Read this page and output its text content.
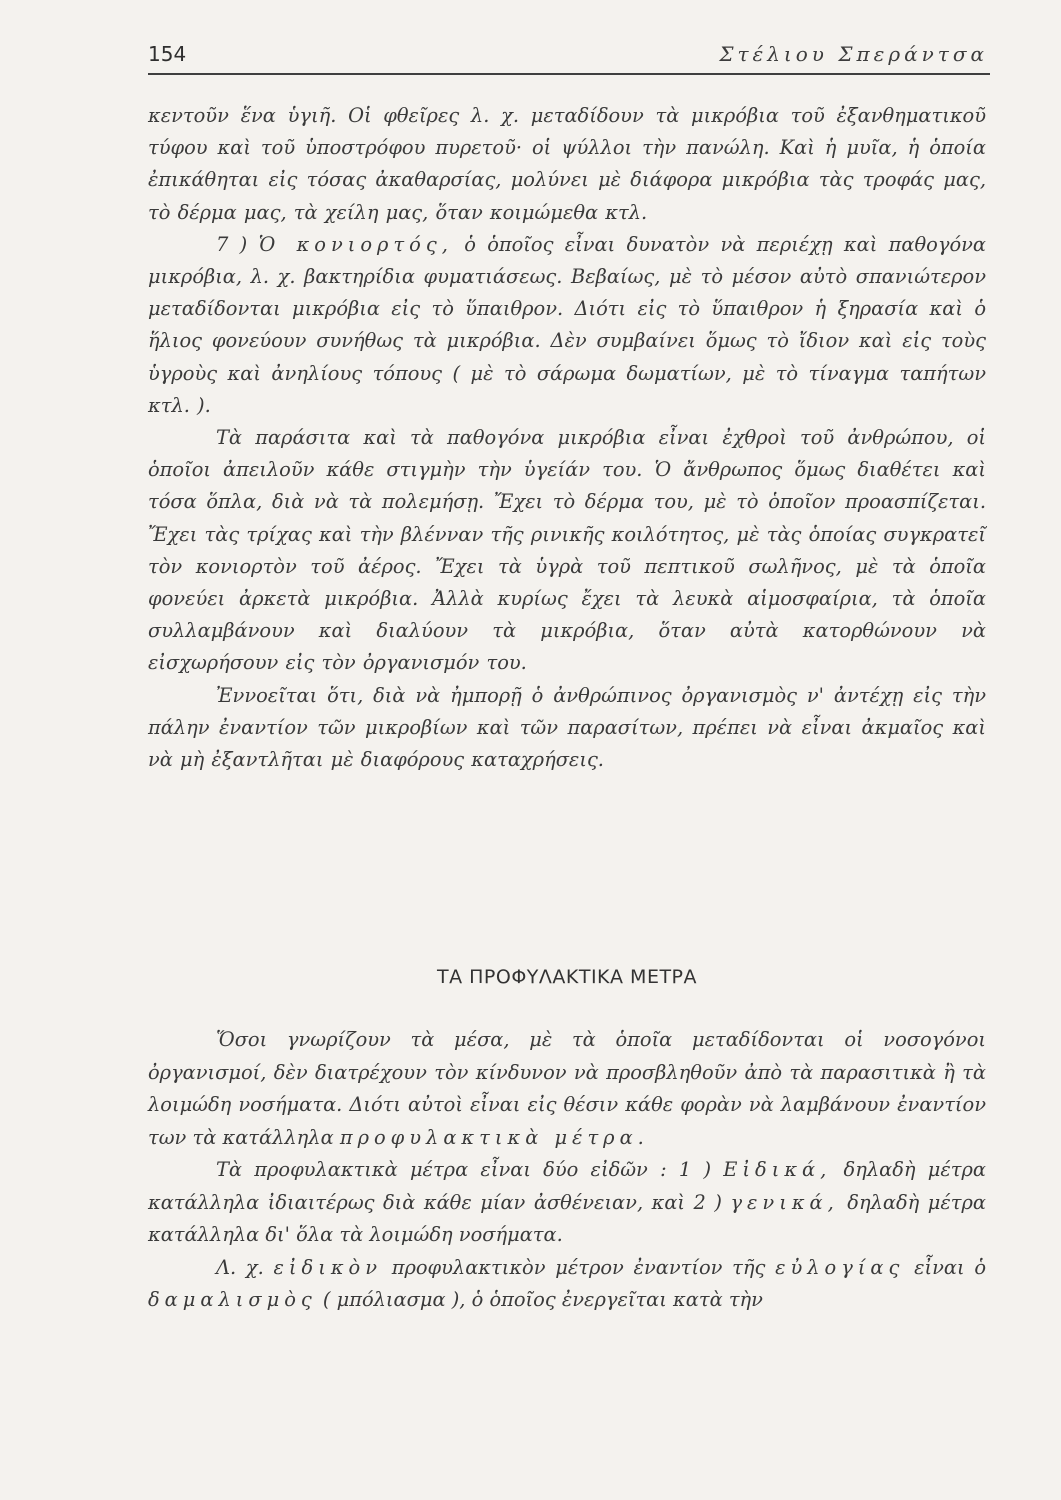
154	Στέλιου Σπεράντσα

κεντοῦν ἕνα ὑγιῆ. Οἱ φθεῖρες λ. χ. μεταδίδουν τὰ μικρόβια τοῦ ἐξανθηματικοῦ τύφου καὶ τοῦ ὑποστρόφου πυρετοῦ· οἱ ψύλλοι τὴν πανώλη. Καὶ ἡ μυῖα, ἡ ὁποία ἐπικάθηται εἰς τόσας ἀκαθαρσίας, μολύνει μὲ διάφορα μικρόβια τὰς τροφάς μας, τὸ δέρμα μας, τὰ χείλη μας, ὅταν κοιμώμεθα κτλ.

7 ) Ὁ κονιορτός, ὁ ὁποῖος εἶναι δυνατὸν νὰ περιέχῃ καὶ παθογόνα μικρόβια, λ. χ. βακτηρίδια φυματιάσεως. Βεβαίως, μὲ τὸ μέσον αὐτὸ σπανιώτερον μεταδίδονται μικρόβια εἰς τὸ ὕπαιθρον. Διότι εἰς τὸ ὕπαιθρον ἡ ξηρασία καὶ ὁ ἥλιος φονεύουν συνήθως τὰ μικρόβια. Δὲν συμβαίνει ὅμως τὸ ἴδιον καὶ εἰς τοὺς ὑγροὺς καὶ ἀνηλίους τόπους ( μὲ τὸ σάρωμα δωματίων, μὲ τὸ τίναγμα ταπήτων κτλ. ).

Τὰ παράσιτα καὶ τὰ παθογόνα μικρόβια εἶναι ἐχθροὶ τοῦ ἀνθρώπου, οἱ ὁποῖοι ἀπειλοῦν κάθε στιγμὴν τὴν ὑγείάν του. Ὁ ἄνθρωπος ὅμως διαθέτει καὶ τόσα ὅπλα, διὰ νὰ τὰ πολεμήσῃ. Ἔχει τὸ δέρμα του, μὲ τὸ ὁποῖον προασπίζεται. Ἔχει τὰς τρίχας καὶ τὴν βλένναν τῆς ρινικῆς κοιλότητος, μὲ τὰς ὁποίας συγκρατεῖ τὸν κονιορτὸν τοῦ ἀέρος. Ἔχει τὰ ὑγρὰ τοῦ πεπτικοῦ σωλῆνος, μὲ τὰ ὁποῖα φονεύει ἀρκετὰ μικρόβια. Ἀλλὰ κυρίως ἔχει τὰ λευκὰ αἱμοσφαίρια, τὰ ὁποῖα συλλαμβάνουν καὶ διαλύουν τὰ μικρόβια, ὅταν αὐτὰ κατορθώνουν νὰ εἰσχωρήσουν εἰς τὸν ὀργανισμόν του.

Ἐννοεῖται ὅτι, διὰ νὰ ἠμπορῇ ὁ ἀνθρώπινος ὀργανισμὸς ν' ἀντέχῃ εἰς τὴν πάλην ἐναντίον τῶν μικροβίων καὶ τῶν παρασίτων, πρέπει νὰ εἶναι ἀκμαῖος καὶ νὰ μὴ ἐξαντλῆται μὲ διαφόρους καταχρήσεις.

ΤΑ ΠΡΟΦΥΛΑΚΤΙΚΑ ΜΕΤΡΑ

Ὅσοι γνωρίζουν τὰ μέσα, μὲ τὰ ὁποῖα μεταδίδονται οἱ νοσογόνοι ὀργανισμοί, δὲν διατρέχουν τὸν κίνδυνον νὰ προσβληθοῦν ἀπὸ τὰ παρασιτικὰ ἢ τὰ λοιμώδη νοσήματα. Διότι αὐτοὶ εἶναι εἰς θέσιν κάθε φορὰν νὰ λαμβάνουν ἐναντίον των τὰ κατάλληλα προφυλακτικὰ μέτρα.

Τὰ προφυλακτικὰ μέτρα εἶναι δύο εἰδῶν : 1 ) Εἰδικά, δηλαδὴ μέτρα κατάλληλα ἰδιαιτέρως διὰ κάθε μίαν ἀσθένειαν, καὶ 2 ) γενικά, δηλαδὴ μέτρα κατάλληλα δι' ὅλα τὰ λοιμώδη νοσήματα.

Λ. χ. εἰδικὸν προφυλακτικὸν μέτρον ἐναντίον τῆς εὐλογίας εἶναι ὁ δαμαλισμὸς ( μπόλιασμα ), ὁ ὁποῖος ἐνεργεῖται κατὰ τὴν
